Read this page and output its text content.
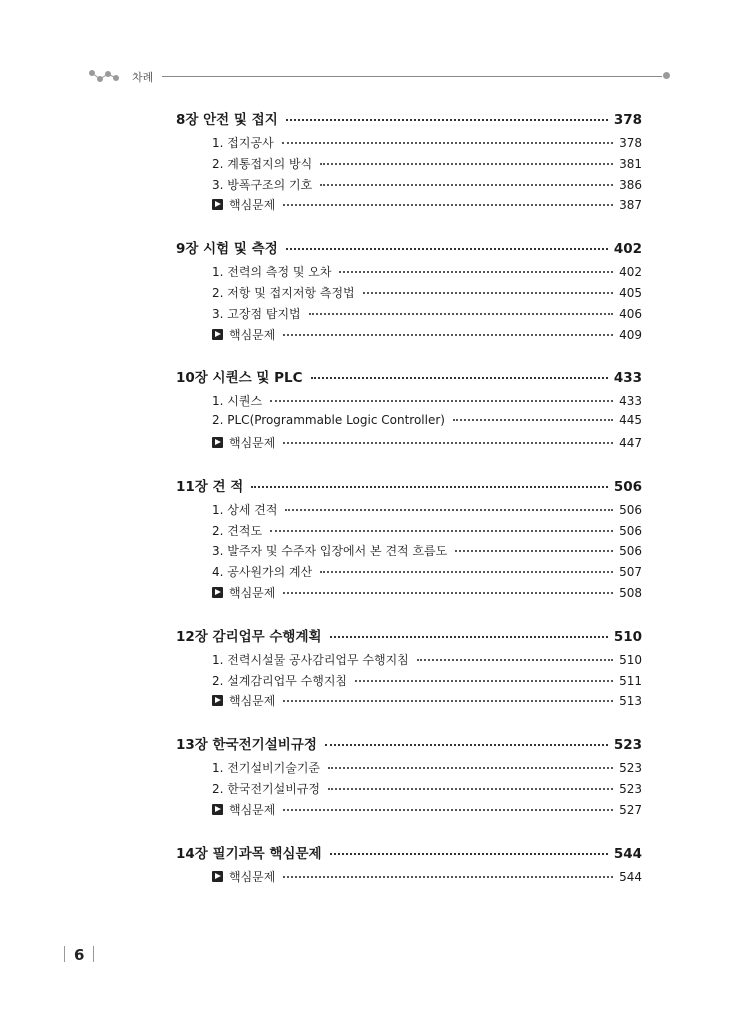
차례
8장 안전 및 접지	378
1. 접지공사	378
2. 계통접지의 방식	381
3. 방폭구조의 기호	386
핵심문제	387
9장 시험 및 측정	402
1. 전력의 측정 및 오차	402
2. 저항 및 접지저항 측정법	405
3. 고장점 탐지법	406
핵심문제	409
10장 시퀀스 및 PLC	433
1. 시퀀스	433
2. PLC(Programmable Logic Controller)	445
핵심문제	447
11장 견 적	506
1. 상세 견적	506
2. 견적도	506
3. 발주자 및 수주자 입장에서 본 견적 흐름도	506
4. 공사원가의 계산	507
핵심문제	508
12장 감리업무 수행계획	510
1. 전력시설물 공사감리업무 수행지침	510
2. 설계감리업무 수행지침	511
핵심문제	513
13장 한국전기설비규정	523
1. 전기설비기술기준	523
2. 한국전기설비규정	523
핵심문제	527
14장 필기과목 핵심문제	544
핵심문제	544
6
